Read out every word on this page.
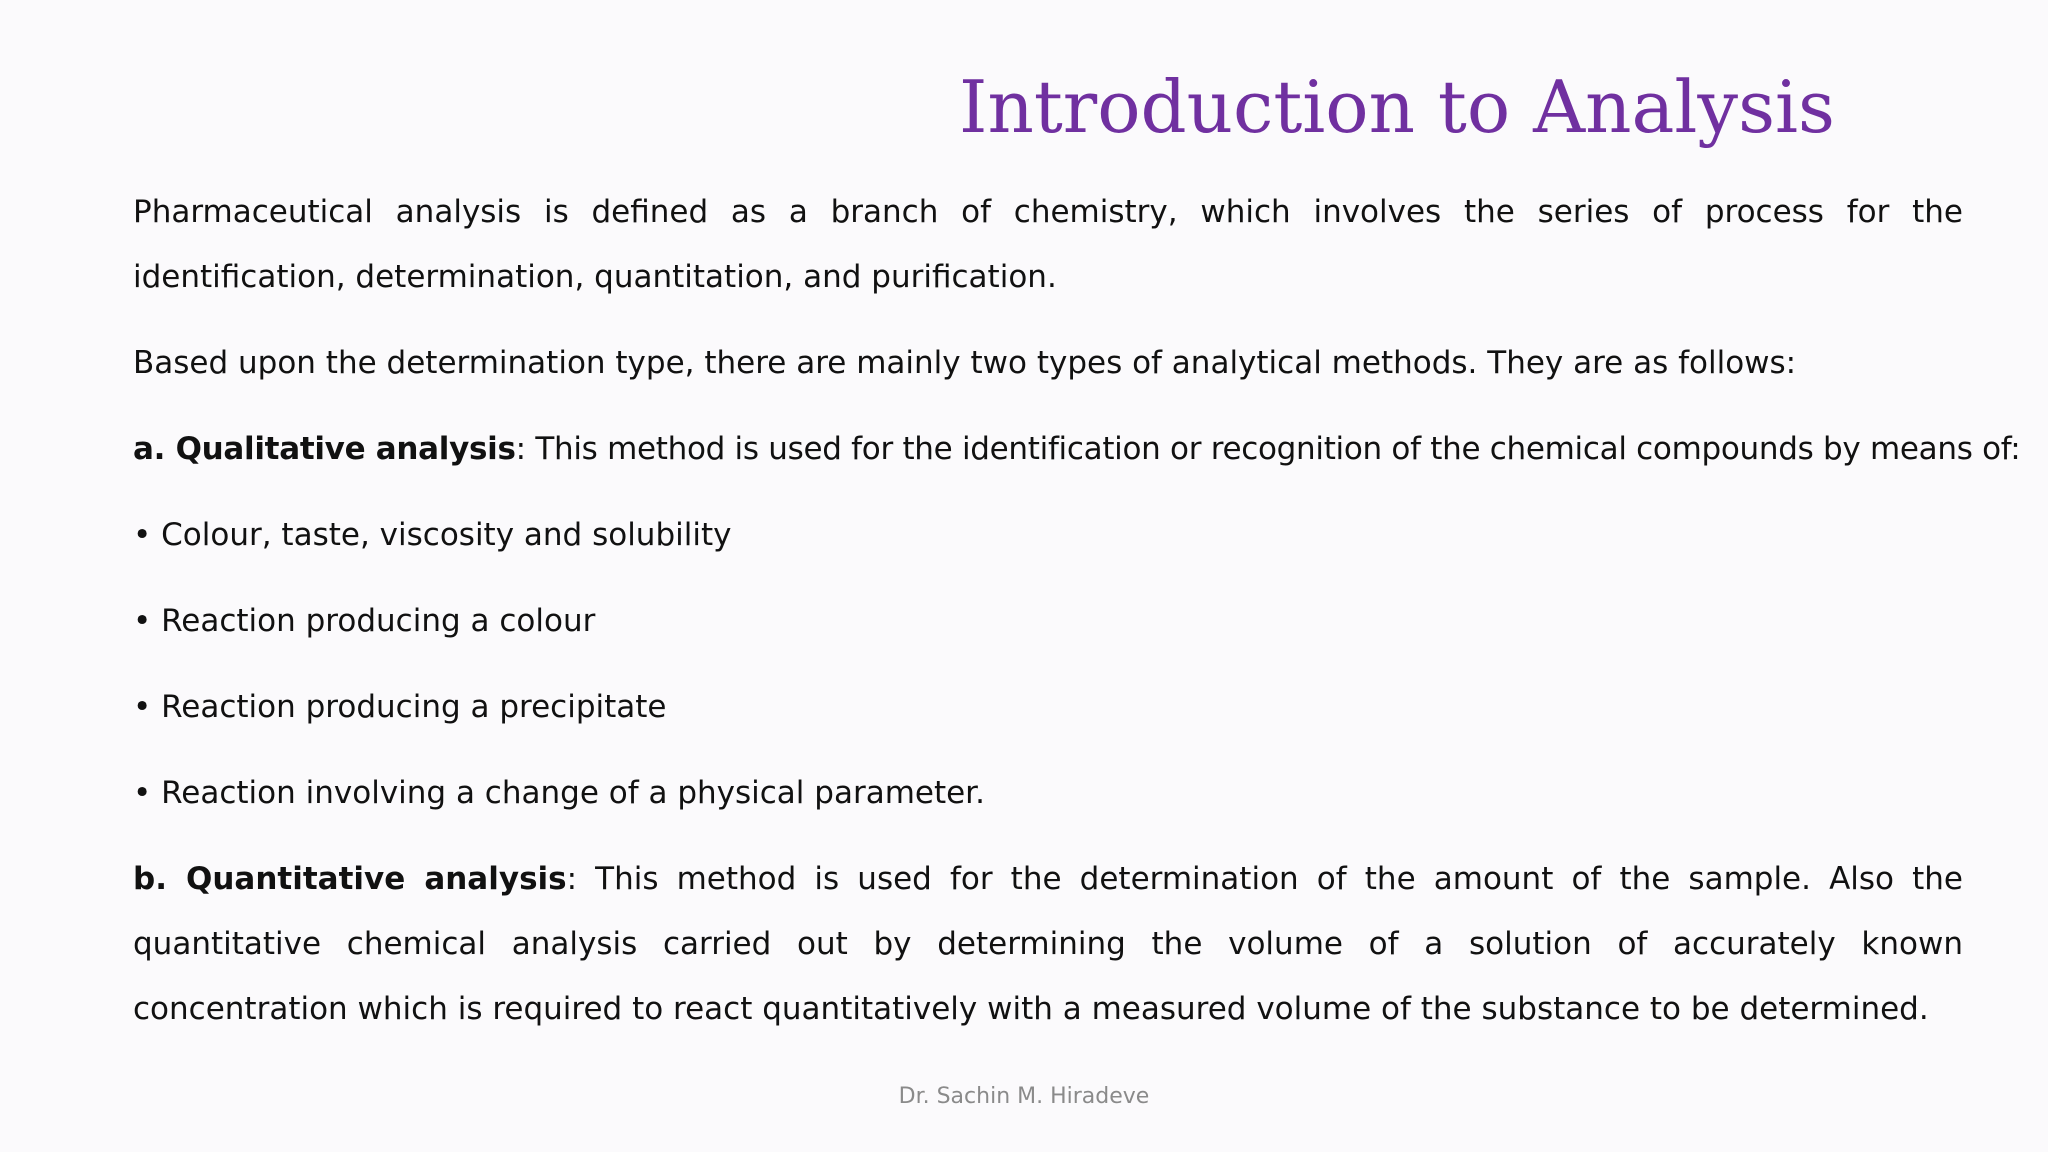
Introduction to Analysis

Pharmaceutical analysis is defined as a branch of chemistry, which involves the series of process for the identification, determination, quantitation, and purification.

Based upon the determination type, there are mainly two types of analytical methods. They are as follows:

a. Qualitative analysis: This method is used for the identification or recognition of the chemical compounds by means of:

• Colour, taste, viscosity and solubility
• Reaction producing a colour
• Reaction producing a precipitate
• Reaction involving a change of a physical parameter.

b. Quantitative analysis: This method is used for the determination of the amount of the sample. Also the quantitative chemical analysis carried out by determining the volume of a solution of accurately known concentration which is required to react quantitatively with a measured volume of the substance to be determined.

Dr. Sachin M. Hiradeve
